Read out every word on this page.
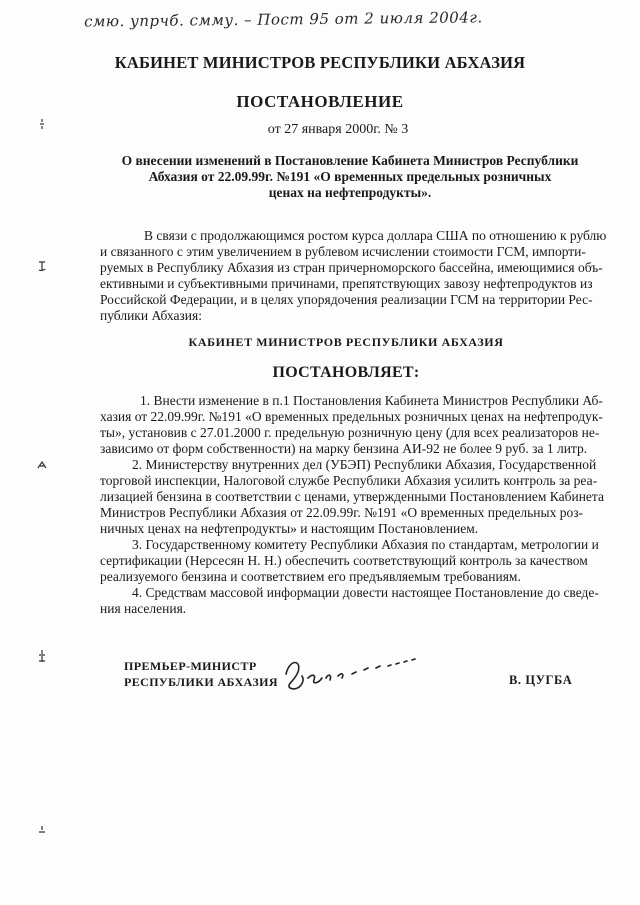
смю. упрчб. смму. – Пост 95 от 2 июля 2004г.
КАБИНЕТ МИНИСТРОВ РЕСПУБЛИКИ АБХАЗИЯ
ПОСТАНОВЛЕНИЕ
от 27 января 2000г. № 3
О внесении изменений в Постановление Кабинета Министров Республики
Абхазия от 22.09.99г. №191 «О временных предельных розничных
ценах на нефтепродукты».
В связи с продолжающимся ростом курса доллара США по отношению к рублю
и связанного с этим увеличением в рублевом исчислении стоимости ГСМ, импорти-
руемых в Республику Абхазия из стран причерноморского бассейна, имеющимися объ-
ективными и субъективными причинами, препятствующих завозу нефтепродуктов из
Российской Федерации, и в целях упорядочения реализации ГСМ на территории Рес-
публики Абхазия:
КАБИНЕТ МИНИСТРОВ РЕСПУБЛИКИ АБХАЗИЯ
ПОСТАНОВЛЯЕТ:
1. Внести изменение в п.1 Постановления Кабинета Министров Республики Аб-
хазия от 22.09.99г. №191 «О временных предельных розничных ценах на нефтепродук-
ты», установив с 27.01.2000 г. предельную розничную цену (для всех реализаторов не-
зависимо от форм собственности) на марку бензина АИ-92 не более 9 руб. за 1 литр.
2. Министерству внутренних дел (УБЭП) Республики Абхазия, Государственной
торговой инспекции, Налоговой службе Республики Абхазия усилить контроль за реа-
лизацией бензина в соответствии с ценами, утвержденными Постановлением Кабинета
Министров Республики Абхазия от 22.09.99г. №191 «О временных предельных роз-
ничных ценах на нефтепродукты» и настоящим Постановлением.
3. Государственному комитету Республики Абхазия по стандартам, метрологии и
сертификации (Нерсесян Н. Н.) обеспечить соответствующий контроль за качеством
реализуемого бензина и соответствием его предъявляемым требованиям.
4. Средствам массовой информации довести настоящее Постановление до сведе-
ния населения.
ПРЕМЬЕР-МИНИСТР
РЕСПУБЛИКИ АБХАЗИЯ	В. ЦУГБА
